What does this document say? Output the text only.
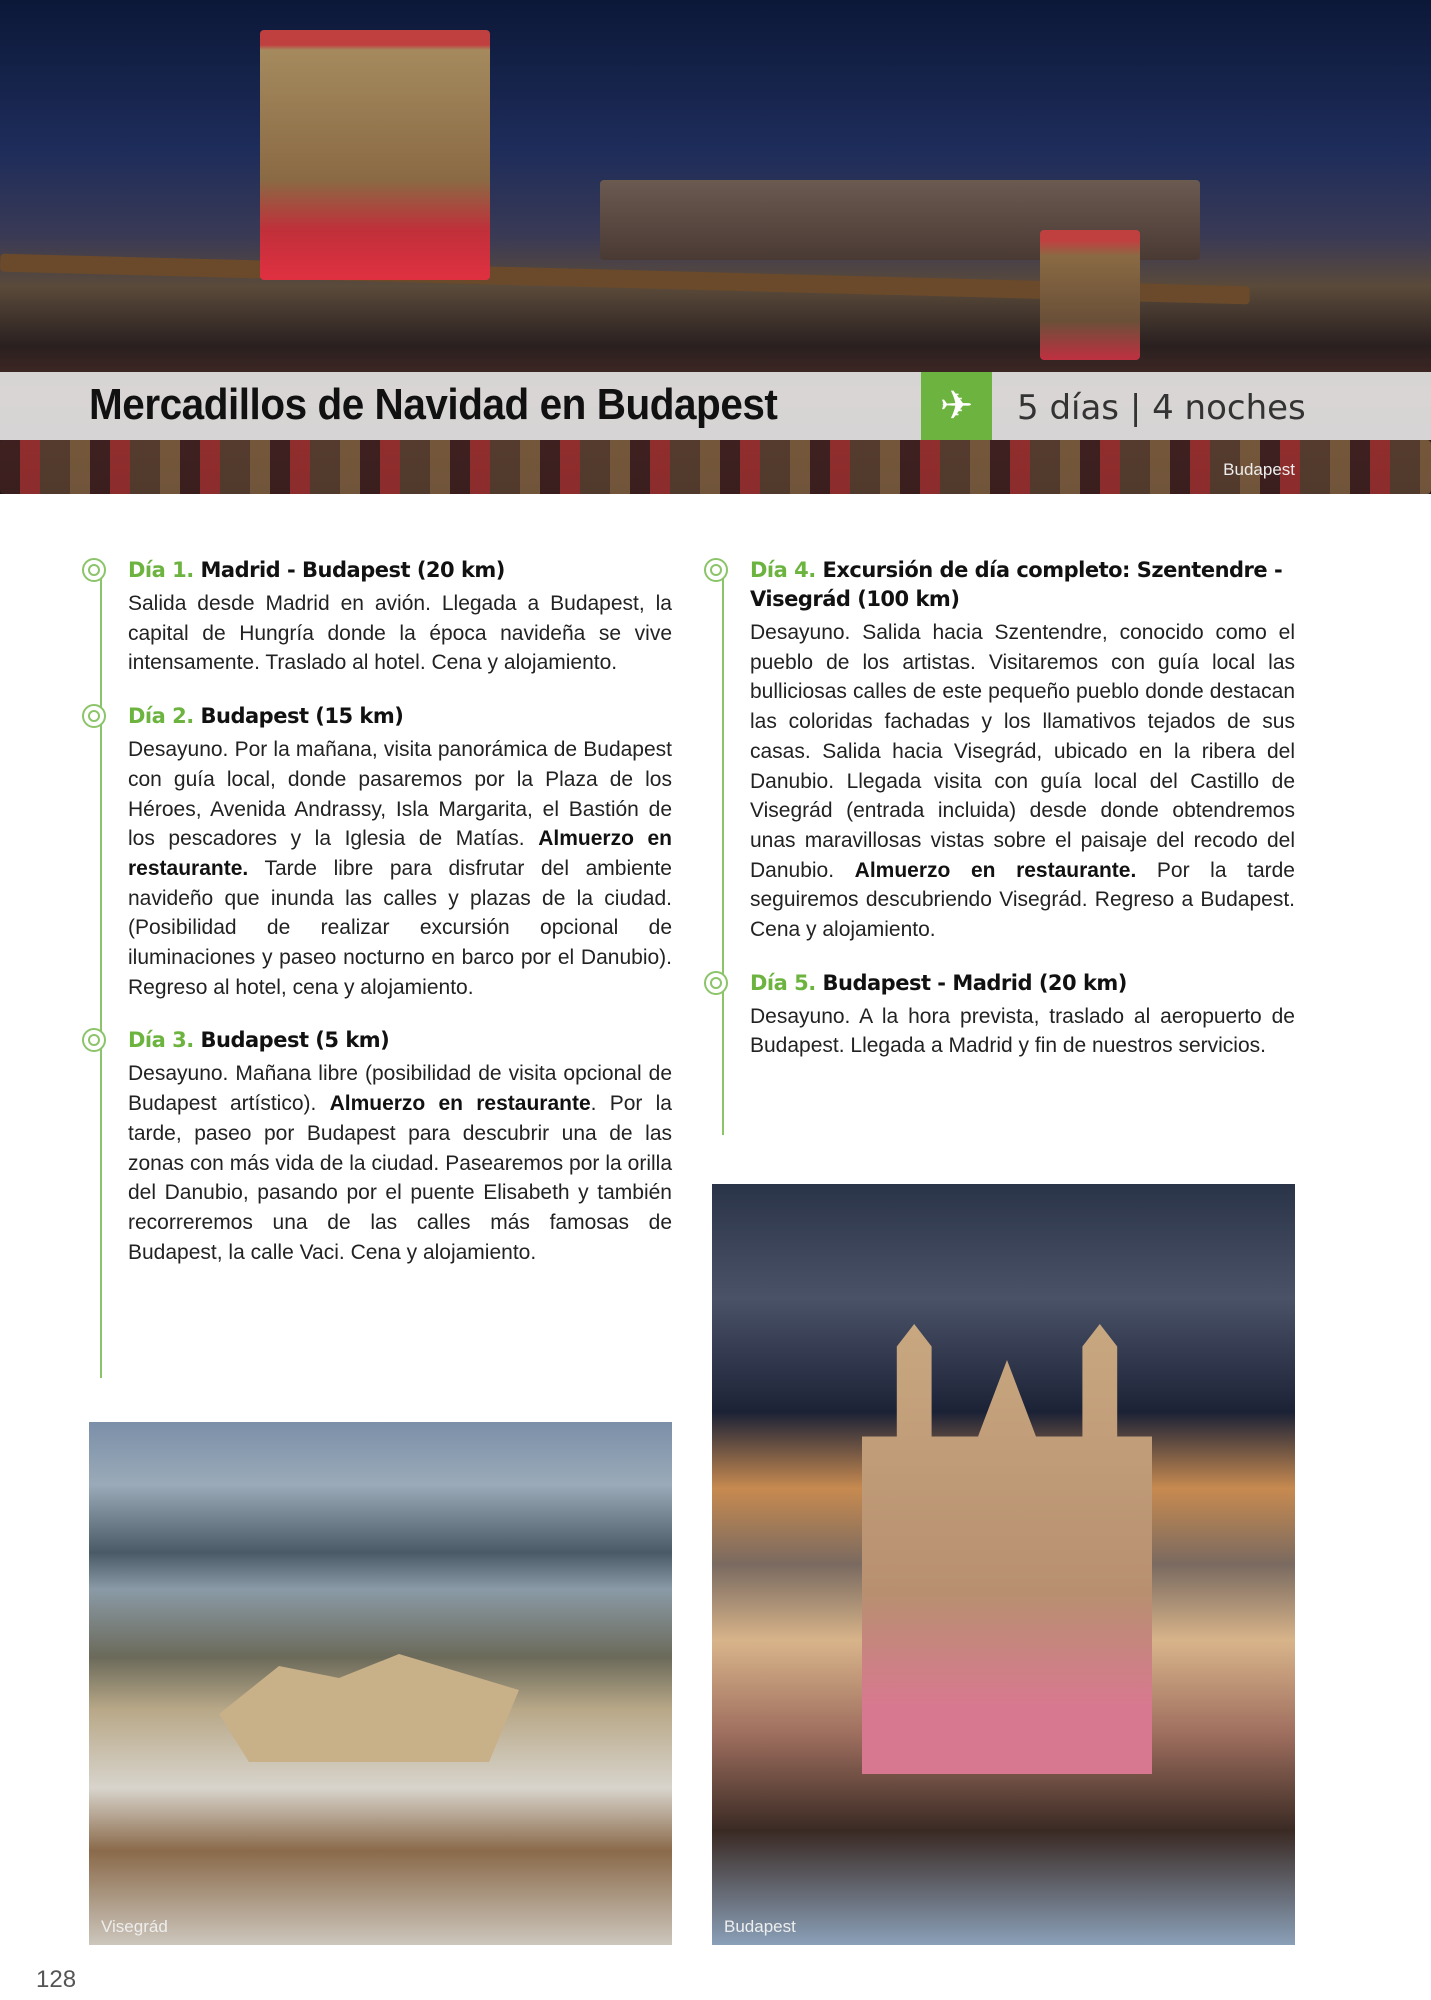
Mercadillos de Navidad en Budapest	✈	5 días | 4 noches
Budapest
Día 1. Madrid - Budapest (20 km)

Salida desde Madrid en avión. Llegada a Budapest, la capital de Hungría donde la época navideña se vive intensamente. Traslado al hotel. Cena y alojamiento.

Día 2. Budapest (15 km)

Desayuno. Por la mañana, visita panorámica de Budapest con guía local, donde pasaremos por la Plaza de los Héroes, Avenida Andrassy, Isla Margarita, el Bastión de los pescadores y la Iglesia de Matías. Almuerzo en restaurante. Tarde libre para disfrutar del ambiente navideño que inunda las calles y plazas de la ciudad. (Posibilidad de realizar excursión opcional de iluminaciones y paseo nocturno en barco por el Danubio). Regreso al hotel, cena y alojamiento.

Día 3. Budapest (5 km)

Desayuno. Mañana libre (posibilidad de visita opcional de Budapest artístico). Almuerzo en restaurante. Por la tarde, paseo por Budapest para descubrir una de las zonas con más vida de la ciudad. Pasearemos por la orilla del Danubio, pasando por el puente Elisabeth y también recorreremos una de las calles más famosas de Budapest, la calle Vaci. Cena y alojamiento.

Día 4. Excursión de día completo: Szentendre - Visegrád (100 km)

Desayuno. Salida hacia Szentendre, conocido como el pueblo de los artistas. Visitaremos con guía local las bulliciosas calles de este pequeño pueblo donde destacan las coloridas fachadas y los llamativos tejados de sus casas. Salida hacia Visegrád, ubicado en la ribera del Danubio. Llegada visita con guía local del Castillo de Visegrád (entrada incluida) desde donde obtendremos unas maravillosas vistas sobre el paisaje del recodo del Danubio. Almuerzo en restaurante. Por la tarde seguiremos descubriendo Visegrád. Regreso a Budapest. Cena y alojamiento.

Día 5. Budapest - Madrid (20 km)

Desayuno. A la hora prevista, traslado al aeropuerto de Budapest. Llegada a Madrid y fin de nuestros servicios.

Visegrád	Budapest
128
